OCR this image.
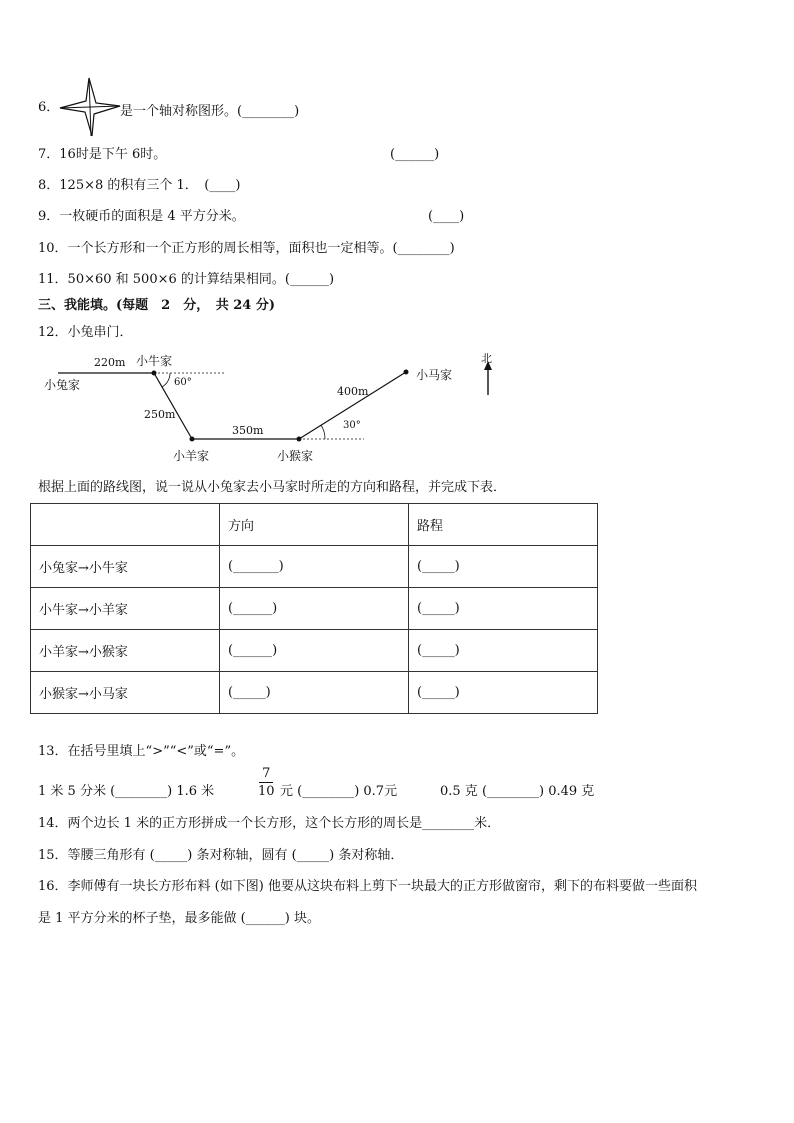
6．	是一个轴对称图形。(________)
7．16时是下午 6时。	(______)
8．125×8 的积有三个 1．　(____)
9．一枚硬币的面积是 4 平方分米。	(____)
10．一个长方形和一个正方形的周长相等，面积也一定相等。(________)
11．50×60 和 500×6 的计算结果相同。(______)
三、我能填。(每题　2　分，　共 24 分)
12．小兔串门．
小兔家
小牛家
小羊家	小猴家
小马家
220m
250m
350m
400m
60°
30°
北
根据上面的路线图，说一说从小兔家去小马家时所走的方向和路程，并完成下表．
	方向	路程
小兔家→小牛家	(_______)	(_____)
小牛家→小羊家	(______)	(_____)
小羊家→小猴家	(______)	(_____)
小猴家→小马家	(_____)	(_____)
13．在括号里填上“>”“<”或“=”。
1 米 5 分米 (________) 1.6 米
7
10 元 (________) 0.7元	0.5 克 (________) 0.49 克
14．两个边长 1 米的正方形拼成一个长方形，这个长方形的周长是________米．
15．等腰三角形有 (_____) 条对称轴，圆有 (_____) 条对称轴．
16．李师傅有一块长方形布料 (如下图) 他要从这块布料上剪下一块最大的正方形做窗帘，剩下的布料要做一些面积
是 1 平方分米的杯子垫，最多能做 (______) 块。
